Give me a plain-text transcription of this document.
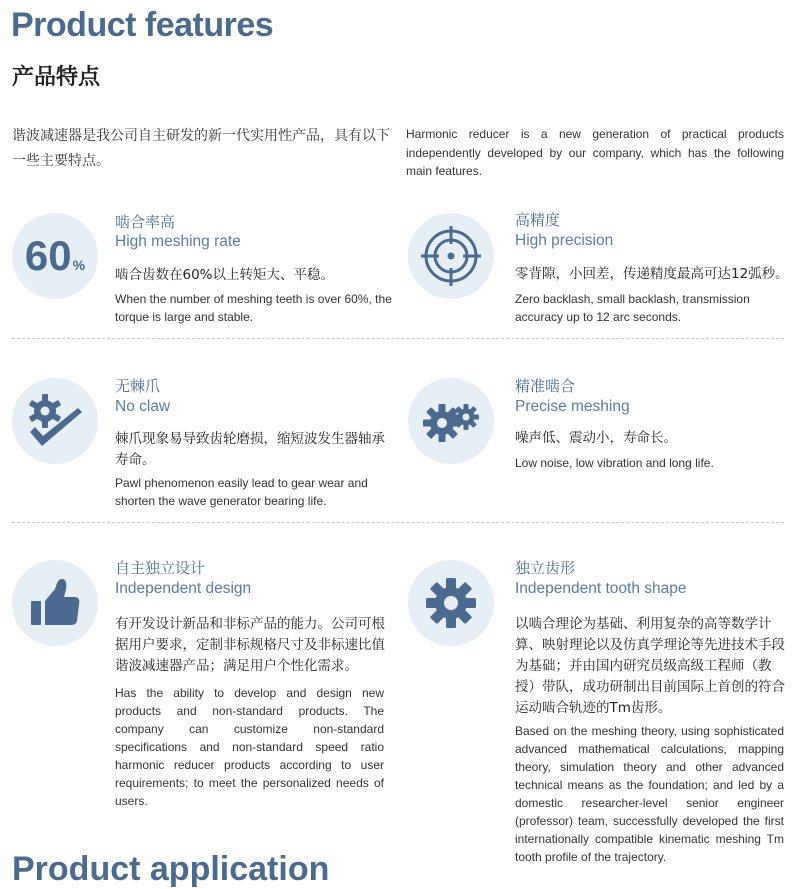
Product features
产品特点
谐波减速器是我公司自主研发的新一代实用性产品，具有以下一些主要特点。
Harmonic reducer is a new generation of practical products independently developed by our company, which has the following main features.
60 %
啮合率高
High meshing rate
啮合齿数在60%以上转矩大、平稳。
When the number of meshing teeth is over 60%, the torque is large and stable.
高精度
High precision
零背隙，小回差，传递精度最高可达12弧秒。
Zero backlash, small backlash, transmission accuracy up to 12 arc seconds.
无棘爪
No claw
棘爪现象易导致齿轮磨损，缩短波发生器轴承寿命。
Pawl phenomenon easily lead to gear wear and shorten the wave generator bearing life.
精准啮合
Precise meshing
噪声低、震动小，寿命长。
Low noise, low vibration and long life.
自主独立设计
Independent design
有开发设计新品和非标产品的能力。公司可根据用户要求，定制非标规格尺寸及非标速比值谐波减速器产品；满足用户个性化需求。
Has the ability to develop and design new products and non-standard products. The company can customize non-standard specifications and non-standard speed ratio harmonic reducer products according to user requirements; to meet the personalized needs of users.
独立齿形
Independent tooth shape
以啮合理论为基础、利用复杂的高等数学计算、映射理论以及仿真学理论等先进技术手段为基础；并由国内研究员级高级工程师（教授）带队，成功研制出目前国际上首创的符合运动啮合轨迹的Tm齿形。
Based on the meshing theory, using sophisticated advanced mathematical calculations, mapping theory, simulation theory and other advanced technical means as the foundation; and led by a domestic researcher-level senior engineer (professor) team, successfully developed the first internationally compatible kinematic meshing Tm tooth profile of the trajectory.
Product application
